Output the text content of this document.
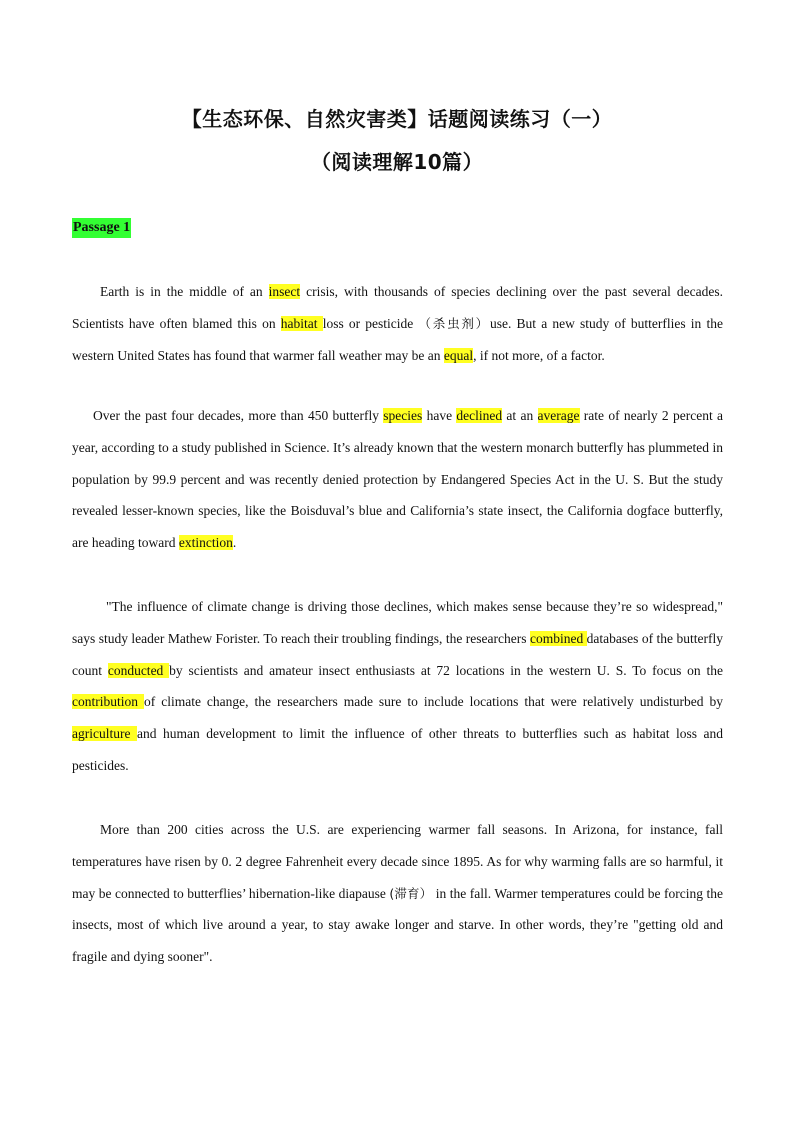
【生态环保、自然灾害类】话题阅读练习（一）
（阅读理解10篇）
Passage 1

Earth is in the middle of an insect crisis, with thousands of species declining over the past several decades. Scientists have often blamed this on habitat loss or pesticide （杀虫剂）use. But a new study of butterflies in the western United States has found that warmer fall weather may be an equal, if not more, of a factor.

Over the past four decades, more than 450 butterfly species have declined at an average rate of nearly 2 percent a year, according to a study published in Science. It’s already known that the western monarch butterfly has plummeted in population by 99.9 percent and was recently denied protection by Endangered Species Act in the U. S. But the study revealed lesser-known species, like the Boisduval’s blue and California’s state insect, the California dogface butterfly, are heading toward extinction.

"The influence of climate change is driving those declines, which makes sense because they’re so widespread," says study leader Mathew Forister. To reach their troubling findings, the researchers combined databases of the butterfly count conducted by scientists and amateur insect enthusiasts at 72 locations in the western U. S. To focus on the contribution of climate change, the researchers made sure to include locations that were relatively undisturbed by agriculture and human development to limit the influence of other threats to butterflies such as habitat loss and pesticides.

More than 200 cities across the U.S. are experiencing warmer fall seasons. In Arizona, for instance, fall temperatures have risen by 0. 2 degree Fahrenheit every decade since 1895. As for why warming falls are so harmful, it may be connected to butterflies’ hibernation-like diapause (滞育） in the fall. Warmer temperatures could be forcing the insects, most of which live around a year, to stay awake longer and starve. In other words, they’re "getting old and fragile and dying sooner".
